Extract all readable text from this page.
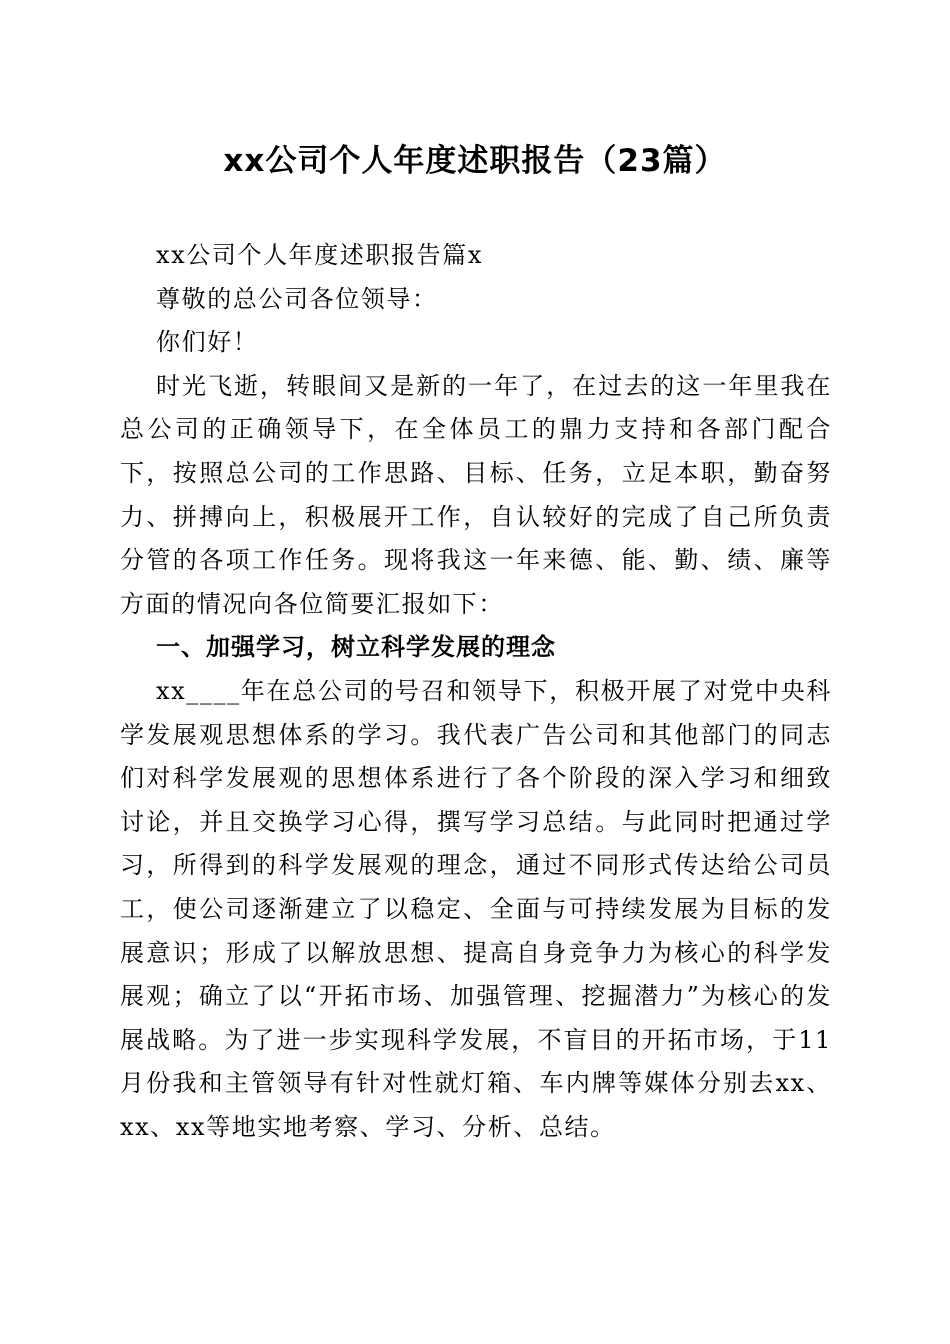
xx公司个人年度述职报告（23篇）

xx公司个人年度述职报告篇x

尊敬的总公司各位领导：

你们好！

时光飞逝，转眼间又是新的一年了，在过去的这一年里我在总公司的正确领导下，在全体员工的鼎力支持和各部门配合下，按照总公司的工作思路、目标、任务，立足本职，勤奋努力、拼搏向上，积极展开工作，自认较好的完成了自己所负责分管的各项工作任务。现将我这一年来德、能、勤、绩、廉等方面的情况向各位简要汇报如下：

一、加强学习，树立科学发展的理念

xx____年在总公司的号召和领导下，积极开展了对党中央科学发展观思想体系的学习。我代表广告公司和其他部门的同志们对科学发展观的思想体系进行了各个阶段的深入学习和细致讨论，并且交换学习心得，撰写学习总结。与此同时把通过学习，所得到的科学发展观的理念，通过不同形式传达给公司员工，使公司逐渐建立了以稳定、全面与可持续发展为目标的发展意识；形成了以解放思想、提高自身竞争力为核心的科学发展观；确立了以“开拓市场、加强管理、挖掘潜力”为核心的发展战略。为了进一步实现科学发展，不盲目的开拓市场，于11月份我和主管领导有针对性就灯箱、车内牌等媒体分别去xx、xx、xx等地实地考察、学习、分析、总结。
